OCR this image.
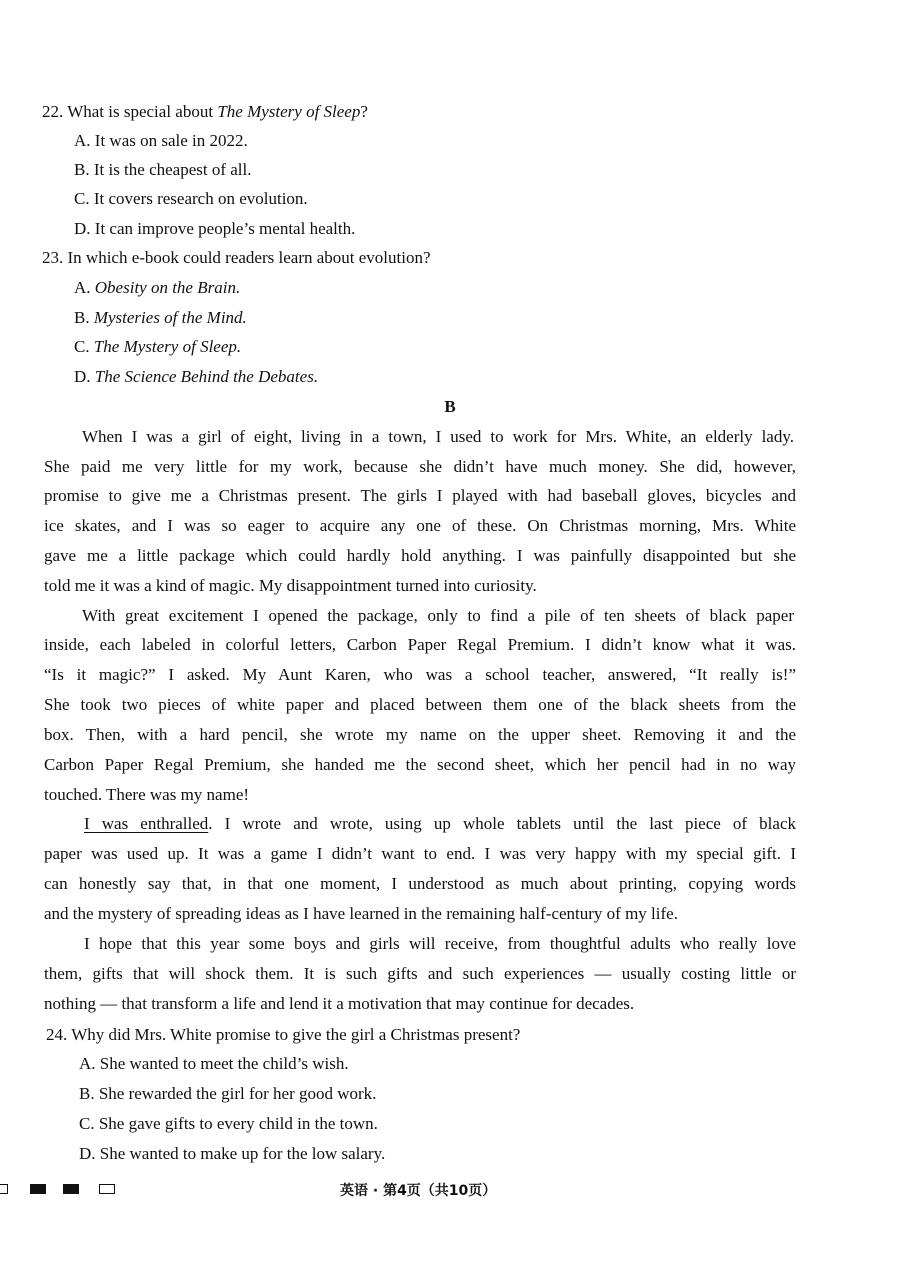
22. What is special about The Mystery of Sleep?
A. It was on sale in 2022.
B. It is the cheapest of all.
C. It covers research on evolution.
D. It can improve people’s mental health.
23. In which e-book could readers learn about evolution?
A. Obesity on the Brain.
B. Mysteries of the Mind.
C. The Mystery of Sleep.
D. The Science Behind the Debates.
B
When I was a girl of eight, living in a town, I used to work for Mrs. White, an elderly lady.
She paid me very little for my work, because she didn’t have much money. She did, however,
promise to give me a Christmas present. The girls I played with had baseball gloves, bicycles and
ice skates, and I was so eager to acquire any one of these. On Christmas morning, Mrs. White
gave me a little package which could hardly hold anything. I was painfully disappointed but she
told me it was a kind of magic. My disappointment turned into curiosity.
With great excitement I opened the package, only to find a pile of ten sheets of black paper
inside, each labeled in colorful letters, Carbon Paper Regal Premium. I didn’t know what it was.
“Is it magic?” I asked. My Aunt Karen, who was a school teacher, answered, “It really is!”
She took two pieces of white paper and placed between them one of the black sheets from the
box. Then, with a hard pencil, she wrote my name on the upper sheet. Removing it and the
Carbon Paper Regal Premium, she handed me the second sheet, which her pencil had in no way
touched. There was my name!
I was enthralled. I wrote and wrote, using up whole tablets until the last piece of black
paper was used up. It was a game I didn’t want to end. I was very happy with my special gift. I
can honestly say that, in that one moment, I understood as much about printing, copying words
and the mystery of spreading ideas as I have learned in the remaining half-century of my life.
I hope that this year some boys and girls will receive, from thoughtful adults who really love
them, gifts that will shock them. It is such gifts and such experiences — usually costing little or
nothing — that transform a life and lend it a motivation that may continue for decades.
24. Why did Mrs. White promise to give the girl a Christmas present?
A. She wanted to meet the child’s wish.
B. She rewarded the girl for her good work.
C. She gave gifts to every child in the town.
D. She wanted to make up for the low salary.
英语 · 第4页（共10页）
